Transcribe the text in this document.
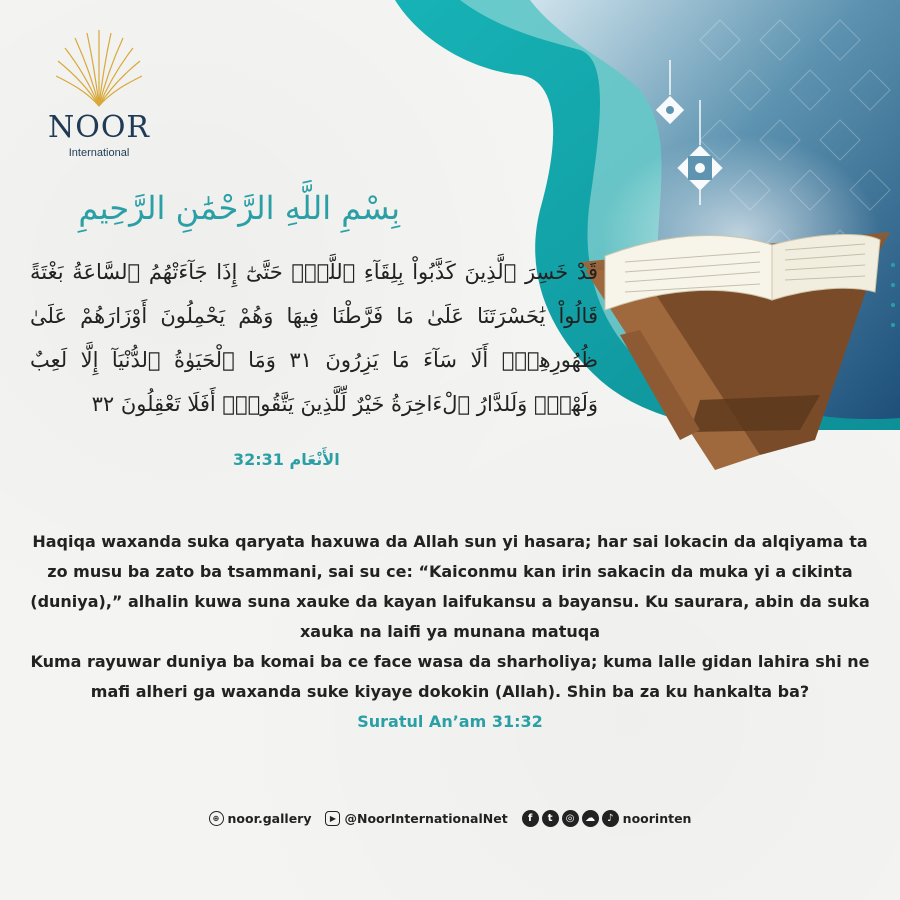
NOOR
International
بِسْمِ اللَّهِ الرَّحْمَٰنِ الرَّحِيمِ
قَدْ خَسِرَ ٱلَّذِينَ كَذَّبُواْ بِلِقَآءِ ٱللَّهِۖ حَتَّىٰٓ إِذَا جَآءَتْهُمُ ٱلسَّاعَةُ بَغْتَةً قَالُواْ يَٰحَسْرَتَنَا عَلَىٰ مَا فَرَّطْنَا فِيهَا وَهُمْ يَحْمِلُونَ أَوْزَارَهُمْ عَلَىٰ ظُهُورِهِمْۚ أَلَا سَآءَ مَا يَزِرُونَ ٣١ وَمَا ٱلْحَيَوٰةُ ٱلدُّنْيَآ إِلَّا لَعِبٌ وَلَهْوٌۖ وَلَلدَّارُ ٱلْءَاخِرَةُ خَيْرٌ لِّلَّذِينَ يَتَّقُونَۚ أَفَلَا تَعْقِلُونَ ٣٢
الأَنْعَام 32:31

Haqiqa waxanda suka qaryata haxuwa da Allah sun yi hasara; har sai lokacin da alqiyama ta zo musu ba zato ba tsammani, sai su ce: “Kaiconmu kan irin sakacin da muka yi a cikinta (duniya),” alhalin kuwa suna xauke da kayan laifukansu a bayansu. Ku saurara, abin da suka xauka na laifi ya munana matuqa

Kuma rayuwar duniya ba komai ba ce face wasa da sharholiya; kuma lalle gidan lahira shi ne mafi alheri ga waxanda suke kiyaye dokokin (Allah). Shin ba za ku hankalta ba?

Suratul An’am 31:32

⊕ noor.gallery	▶ @NoorInternationalNet	f	t	◎	☁	♪ noorinten
